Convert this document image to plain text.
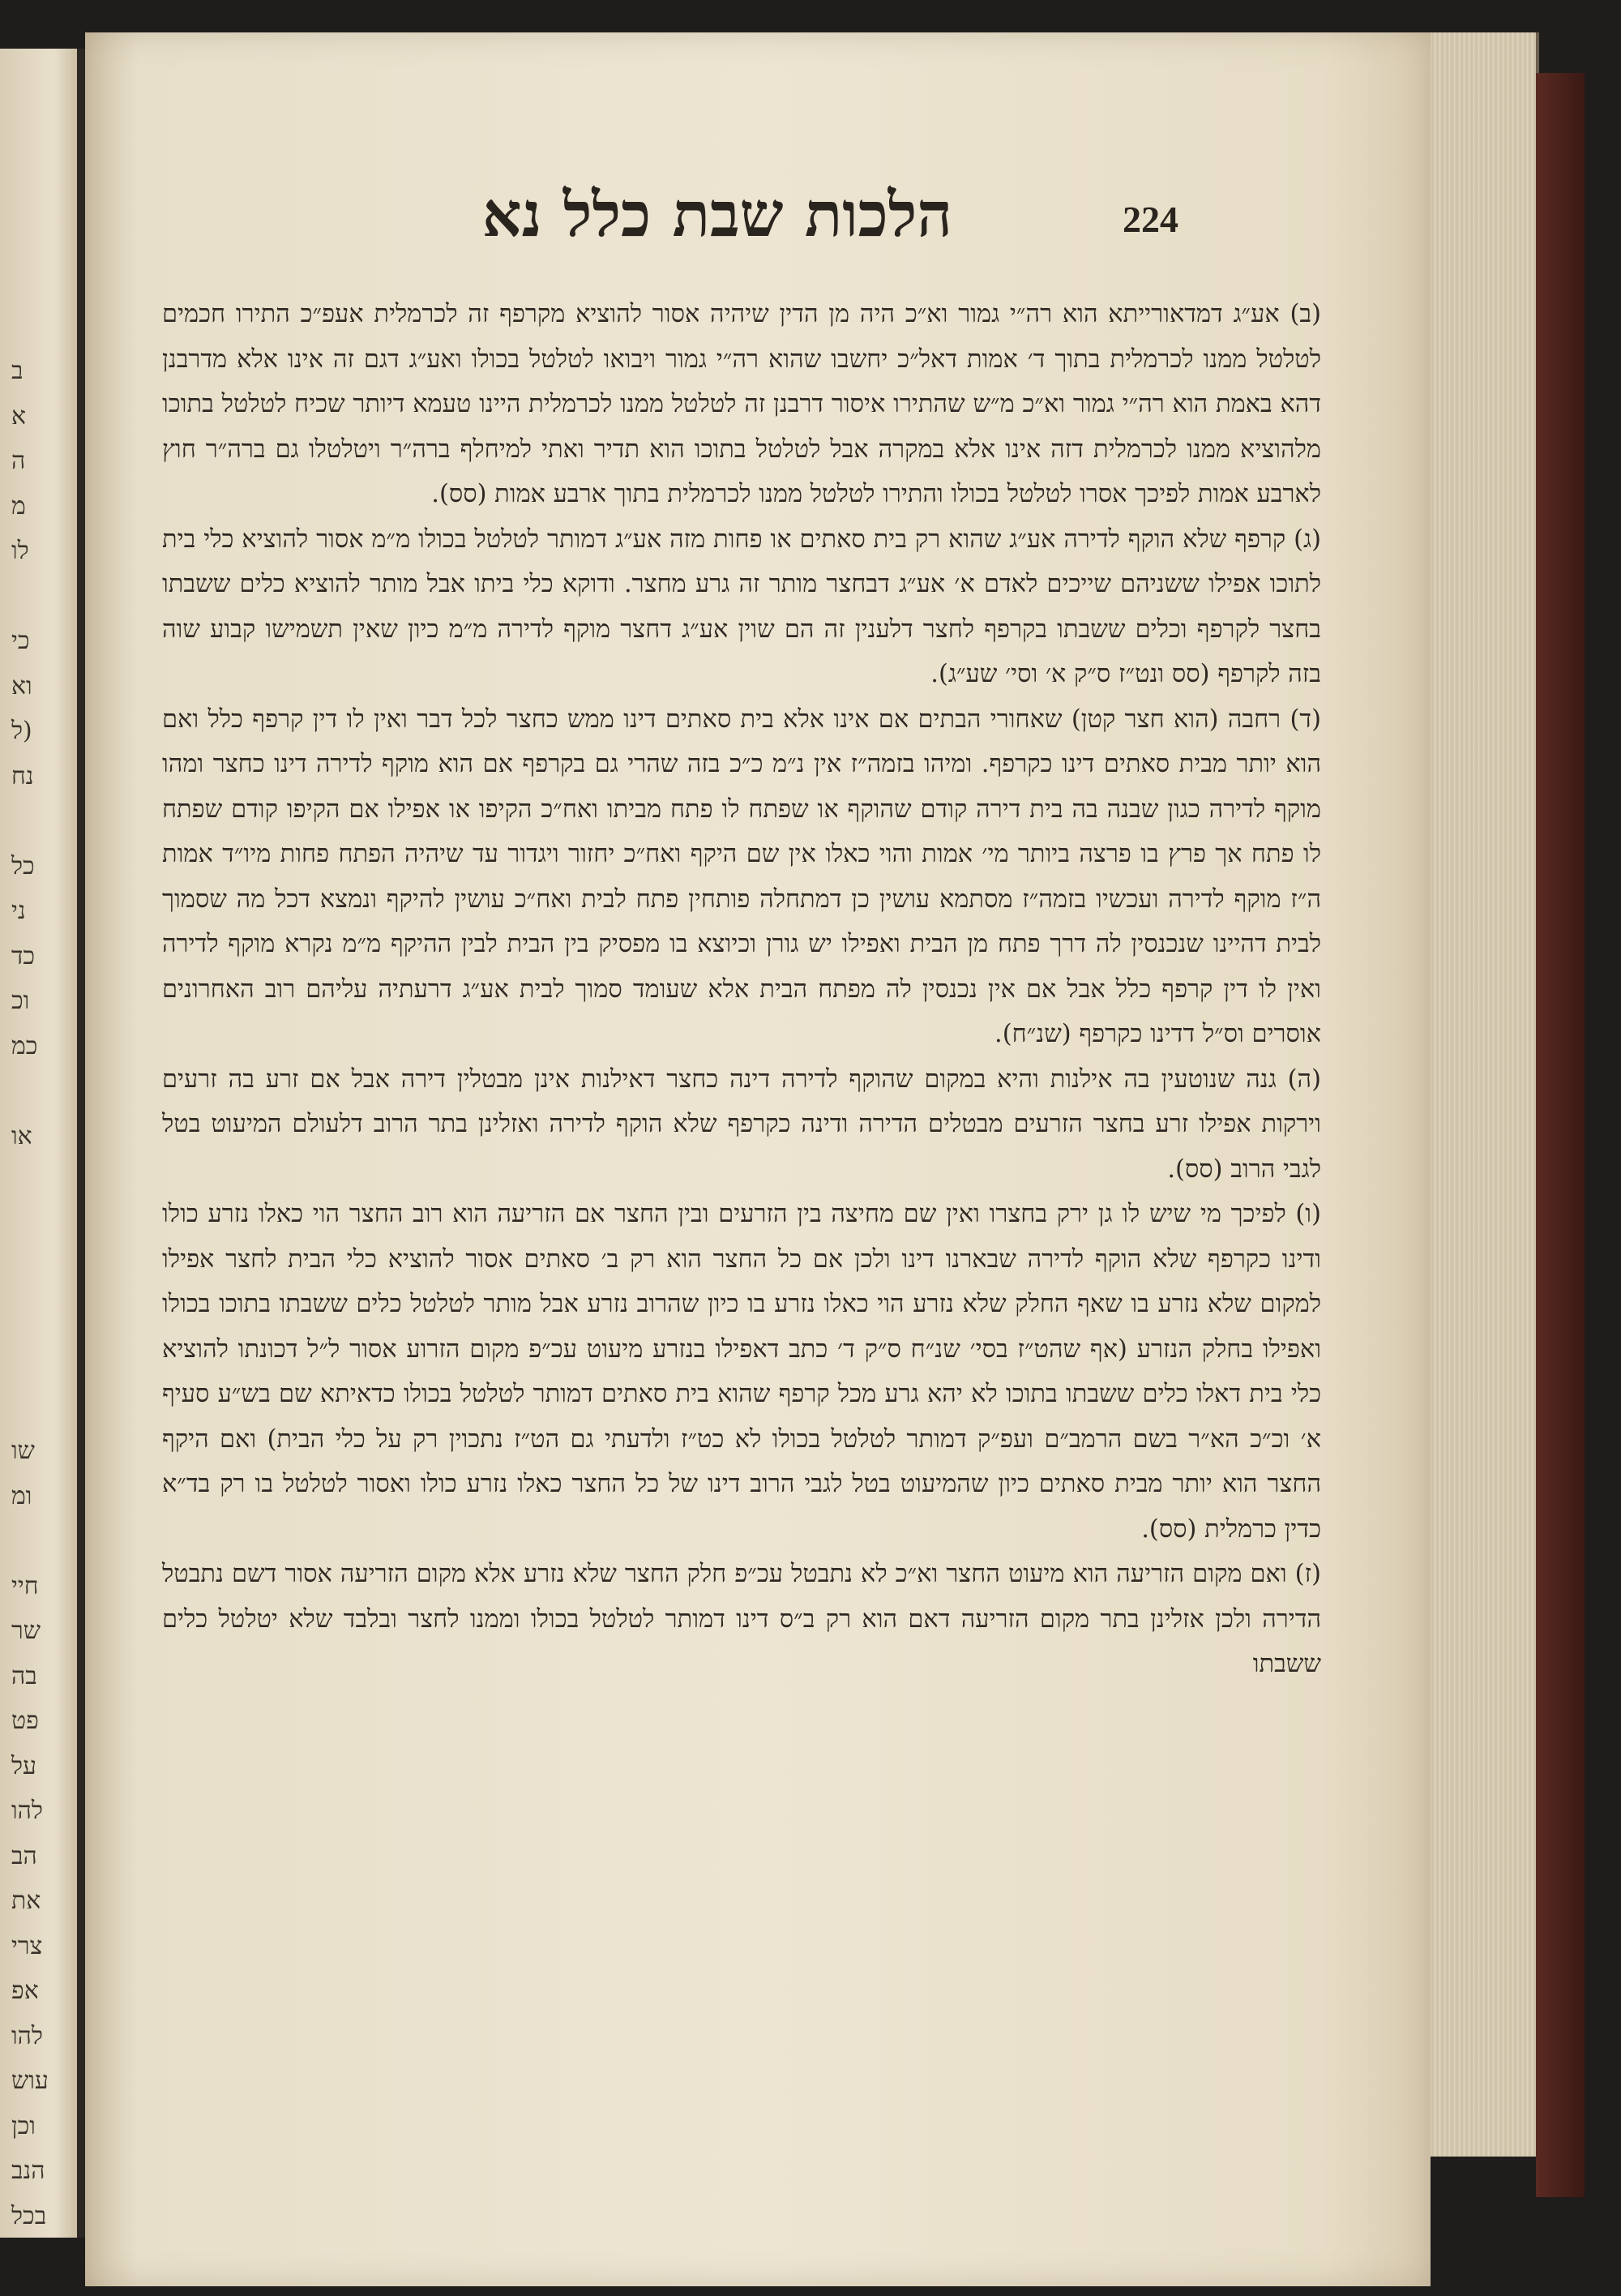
ב
א
ה
מ
לו
כי
וא
(ל
נח
כל
ני
כד
וכ
כמ
או
שו
ומ
חיי
שר
בה
פט
על
להו
הב
את
צרי
אפ
להו
עוש
וכן
הנב
בכל
הלכות שבת כלל נא	224

(ב) אע״ג דמדאורייתא הוא רה״י גמור וא״כ היה מן הדין שיהיה אסור להוציא מקרפף זה לכרמלית אעפ״כ התירו חכמים לטלטל ממנו לכרמלית בתוך ד׳ אמות דאל״כ יחשבו שהוא רה״י גמור ויבואו לטלטל בכולו ואע״ג דגם זה אינו אלא מדרבנן דהא באמת הוא רה״י גמור וא״כ מ״ש שהתירו איסור דרבנן זה לטלטל ממנו לכרמלית היינו טעמא דיותר שכיח לטלטל בתוכו מלהוציא ממנו לכרמלית דזה אינו אלא במקרה אבל לטלטל בתוכו הוא תדיר ואתי למיחלף ברה״ר ויטלטלו גם ברה״ר חוץ לארבע אמות לפיכך אסרו לטלטל בכולו והתירו לטלטל ממנו לכרמלית בתוך ארבע אמות (סס).

(ג) קרפף שלא הוקף לדירה אע״ג שהוא רק בית סאתים או פחות מזה אע״ג דמותר לטלטל בכולו מ״מ אסור להוציא כלי בית לתוכו אפילו ששניהם שייכים לאדם א׳ אע״ג דבחצר מותר זה גרע מחצר. ודוקא כלי ביתו אבל מותר להוציא כלים ששבתו בחצר לקרפף וכלים ששבתו בקרפף לחצר דלענין זה הם שוין אע״ג דחצר מוקף לדירה מ״מ כיון שאין תשמישו קבוע שוה בזה לקרפף (סס ונט״ז ס״ק א׳ וסי׳ שע״ג).

(ד) רחבה (הוא חצר קטן) שאחורי הבתים אם אינו אלא בית סאתים דינו ממש כחצר לכל דבר ואין לו דין קרפף כלל ואם הוא יותר מבית סאתים דינו כקרפף. ומיהו בזמה״ז אין נ״מ כ״כ בזה שהרי גם בקרפף אם הוא מוקף לדירה דינו כחצר ומהו מוקף לדירה כגון שבנה בה בית דירה קודם שהוקף או שפתח לו פתח מביתו ואח״כ הקיפו או אפילו אם הקיפו קודם שפתח לו פתח אך פרץ בו פרצה ביותר מי׳ אמות והוי כאלו אין שם היקף ואח״כ יחזור ויגדור עד שיהיה הפתח פחות מיו״ד אמות ה״ז מוקף לדירה ועכשיו בזמה״ז מסתמא עושין כן דמתחלה פותחין פתח לבית ואח״כ עושין להיקף ונמצא דכל מה שסמוך לבית דהיינו שנכנסין לה דרך פתח מן הבית ואפילו יש גורן וכיוצא בו מפסיק בין הבית לבין ההיקף מ״מ נקרא מוקף לדירה ואין לו דין קרפף כלל אבל אם אין נכנסין לה מפתח הבית אלא שעומד סמוך לבית אע״ג דרעתיה עליהם רוב האחרונים אוסרים וס״ל דדינו כקרפף (שנ״ח).

(ה) גנה שנוטעין בה אילנות והיא במקום שהוקף לדירה דינה כחצר דאילנות אינן מבטלין דירה אבל אם זרע בה זרעים וירקות אפילו זרע בחצר הזרעים מבטלים הדירה ודינה כקרפף שלא הוקף לדירה ואזלינן בתר הרוב דלעולם המיעוט בטל לגבי הרוב (סס).

(ו) לפיכך מי שיש לו גן ירק בחצרו ואין שם מחיצה בין הזרעים ובין החצר אם הזריעה הוא רוב החצר הוי כאלו נזרע כולו ודינו כקרפף שלא הוקף לדירה שבארנו דינו ולכן אם כל החצר הוא רק ב׳ סאתים אסור להוציא כלי הבית לחצר אפילו למקום שלא נזרע בו שאף החלק שלא נזרע הוי כאלו נזרע בו כיון שהרוב נזרע אבל מותר לטלטל כלים ששבתו בתוכו בכולו ואפילו בחלק הנזרע (אף שהט״ז בסי׳ שנ״ח ס״ק ד׳ כתב דאפילו בנזרע מיעוט עכ״פ מקום הזרוע אסור ל״ל דכונתו להוציא כלי בית דאלו כלים ששבתו בתוכו לא יהא גרע מכל קרפף שהוא בית סאתים דמותר לטלטל בכולו כדאיתא שם בש״ע סעיף א׳ וכ״כ הא״ר בשם הרמב״ם ועפ״ק דמותר לטלטל בכולו לא כט״ז ולדעתי גם הט״ז נתכוין רק על כלי הבית) ואם היקף החצר הוא יותר מבית סאתים כיון שהמיעוט בטל לגבי הרוב דינו של כל החצר כאלו נזרע כולו ואסור לטלטל בו רק בד״א כדין כרמלית (סס).

(ז) ואם מקום הזריעה הוא מיעוט החצר וא״כ לא נתבטל עכ״פ חלק החצר שלא נזרע אלא מקום הזריעה אסור דשם נתבטל הדירה ולכן אזלינן בתר מקום הזריעה דאם הוא רק ב״ס דינו דמותר לטלטל בכולו וממנו לחצר ובלבד שלא יטלטל כלים ששבתו
